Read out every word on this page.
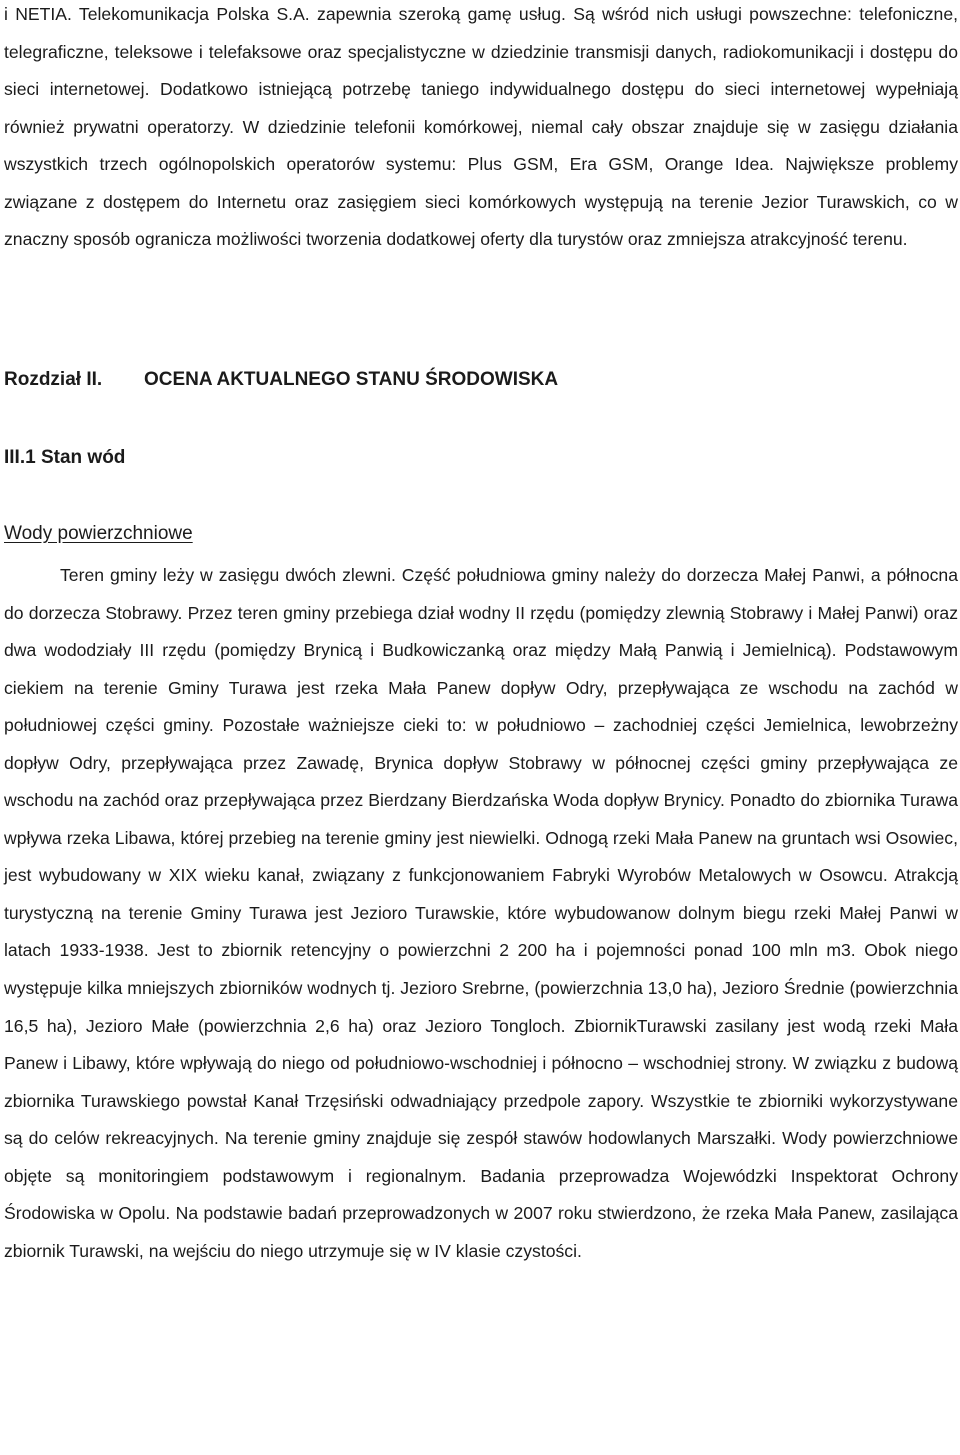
i NETIA. Telekomunikacja Polska S.A. zapewnia szeroką gamę usług. Są wśród nich usługi powszechne: telefoniczne, telegraficzne, teleksowe i telefaksowe oraz specjalistyczne w dziedzinie transmisji danych, radiokomunikacji i dostępu do sieci internetowej. Dodatkowo istniejącą potrzebę taniego indywidualnego dostępu do sieci internetowej wypełniają również prywatni operatorzy. W dziedzinie telefonii komórkowej, niemal cały obszar znajduje się w zasięgu działania wszystkich trzech ogólnopolskich operatorów systemu: Plus GSM, Era GSM, Orange Idea. Największe problemy związane z dostępem do Internetu oraz zasięgiem sieci komórkowych występują na terenie Jezior Turawskich, co w znaczny sposób ogranicza możliwości tworzenia dodatkowej oferty dla turystów oraz zmniejsza atrakcyjność terenu.

Rozdział II. OCENA AKTUALNEGO STANU ŚRODOWISKA
III.1 Stan wód
Wody powierzchniowe

Teren gminy leży w zasięgu dwóch zlewni. Część południowa gminy należy do dorzecza Małej Panwi, a północna do dorzecza Stobrawy. Przez teren gminy przebiega dział wodny II rzędu (pomiędzy zlewnią Stobrawy i Małej Panwi) oraz dwa wododziały III rzędu (pomiędzy Brynicą i Budkowiczanką oraz między Małą Panwią i Jemielnicą). Podstawowym ciekiem na terenie Gminy Turawa jest rzeka Mała Panew dopływ Odry, przepływająca ze wschodu na zachód w południowej części gminy. Pozostałe ważniejsze cieki to: w południowo – zachodniej części Jemielnica, lewobrzeżny dopływ Odry, przepływająca przez Zawadę, Brynica dopływ Stobrawy w północnej części gminy przepływająca ze wschodu na zachód oraz przepływająca przez Bierdzany Bierdzańska Woda dopływ Brynicy. Ponadto do zbiornika Turawa wpływa rzeka Libawa, której przebieg na terenie gminy jest niewielki. Odnogą rzeki Mała Panew na gruntach wsi Osowiec, jest wybudowany w XIX wieku kanał, związany z funkcjonowaniem Fabryki Wyrobów Metalowych w Osowcu. Atrakcją turystyczną na terenie Gminy Turawa jest Jezioro Turawskie, które wybudowanow dolnym biegu rzeki Małej Panwi w latach 1933-1938. Jest to zbiornik retencyjny o powierzchni 2 200 ha i pojemności ponad 100 mln m3. Obok niego występuje kilka mniejszych zbiorników wodnych tj. Jezioro Srebrne, (powierzchnia 13,0 ha), Jezioro Średnie (powierzchnia 16,5 ha), Jezioro Małe (powierzchnia 2,6 ha) oraz Jezioro Tongloch. ZbiornikTurawski zasilany jest wodą rzeki Mała Panew i Libawy, które wpływają do niego od południowo-wschodniej i północno – wschodniej strony. W związku z budową zbiornika Turawskiego powstał Kanał Trzęsiński odwadniający przedpole zapory. Wszystkie te zbiorniki wykorzystywane są do celów rekreacyjnych. Na terenie gminy znajduje się zespół stawów hodowlanych Marszałki. Wody powierzchniowe objęte są monitoringiem podstawowym i regionalnym. Badania przeprowadza Wojewódzki Inspektorat Ochrony Środowiska w Opolu. Na podstawie badań przeprowadzonych w 2007 roku stwierdzono, że rzeka Mała Panew, zasilająca zbiornik Turawski, na wejściu do niego utrzymuje się w IV klasie czystości.
